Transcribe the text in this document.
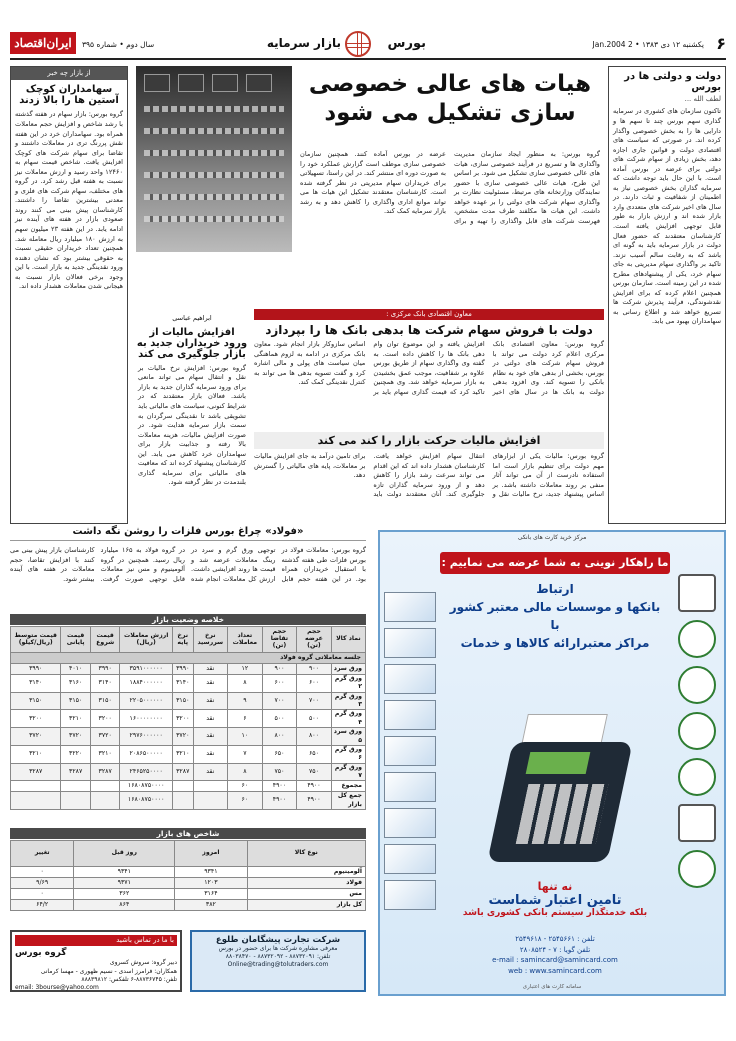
۶
یکشنبه ۱۲ دی ۱۳۸۳ • 2 Jan.2004
بورس
بازار سرمایه
سال دوم • شماره ۳۹۵
ایران‌اقتصاد
دولت و دولتی ها در بورس
لطف الله ...
تاکنون سازمان های کشوری در سرمایه گذاری سهم بورس چند تا سهم ها و دارایی ها را به بخش خصوصی واگذار کرده اند. در صورتی که سیاست های اقتصادی دولت و قوانین جاری اجازه دهد، بخش زیادی از سهام شرکت های دولتی برای عرضه در بورس آماده است. با این حال باید توجه داشت که سرمایه گذاران بخش خصوصی نیاز به اطمینان از شفافیت و ثبات دارند. در سال های اخیر شرکت های متعددی وارد بازار شده اند و ارزش بازار به طور قابل توجهی افزایش یافته است. کارشناسان معتقدند که حضور فعال دولت در بازار سرمایه باید به گونه ای باشد که به رقابت سالم آسیب نزند. تاکید بر واگذاری سهام مدیریتی به جای سهام خرد، یکی از پیشنهادهای مطرح شده در این زمینه است. سازمان بورس همچنین اعلام کرده که برای افزایش نقدشوندگی، فرآیند پذیرش شرکت ها تسریع خواهد شد و اطلاع رسانی به سهامداران بهبود می یابد.
از بازار چه خبر
سهامداران کوچک آستین ها را بالا زدند
گروه بورس: بازار سهام در هفته گذشته با رشد شاخص و افزایش حجم معاملات همراه بود. سهامداران خرد در این هفته نقش پررنگ تری در معاملات داشتند و تقاضا برای سهام شرکت های کوچک افزایش یافت. شاخص قیمت سهام به ۱۲۴۶۰ واحد رسید و ارزش معاملات نیز نسبت به هفته قبل رشد کرد. در گروه های مختلف، سهام شرکت های فلزی و معدنی بیشترین تقاضا را داشتند. کارشناسان پیش بینی می کنند روند صعودی بازار در هفته های آینده نیز ادامه یابد. در این هفته ۲۳ میلیون سهم به ارزش ۱۸۰ میلیارد ریال معامله شد. همچنین تعداد خریداران حقیقی نسبت به حقوقی بیشتر بود که نشان دهنده ورود نقدینگی جدید به بازار است. با این وجود برخی فعالان بازار نسبت به هیجانی شدن معاملات هشدار داده اند.
هیات های عالی خصوصی سازی تشکیل می شود
گروه بورس: به منظور ایجاد سازمان مدیریت واگذاری ها و تسریع در فرآیند خصوصی سازی، هیات های عالی خصوصی سازی تشکیل می شود. بر اساس این طرح، هیات عالی خصوصی سازی با حضور نمایندگان وزارتخانه های مرتبط، مسئولیت نظارت بر واگذاری سهام شرکت های دولتی را بر عهده خواهد داشت. این هیات ها مکلفند ظرف مدت مشخص، فهرست شرکت های قابل واگذاری را تهیه و برای عرضه در بورس آماده کنند. همچنین سازمان خصوصی سازی موظف است گزارش عملکرد خود را به صورت دوره ای منتشر کند. در این راستا، تسهیلاتی برای خریداران سهام مدیریتی در نظر گرفته شده است. کارشناسان معتقدند تشکیل این هیات ها می تواند موانع اداری واگذاری را کاهش دهد و به رشد بازار سرمایه کمک کند.
معاون اقتصادی بانک مرکزی :
دولت با فروش سهام شرکت ها بدهی بانک ها را بپردازد
گروه بورس: معاون اقتصادی بانک مرکزی اعلام کرد دولت می تواند با فروش سهام شرکت های دولتی در بورس، بخشی از بدهی های خود به نظام بانکی را تسویه کند. وی افزود بدهی دولت به بانک ها در سال های اخیر افزایش یافته و این موضوع توان وام دهی بانک ها را کاهش داده است. به گفته وی واگذاری سهام از طریق بورس علاوه بر شفافیت، موجب عمق بخشیدن به بازار سرمایه خواهد شد. وی همچنین تاکید کرد که قیمت گذاری سهام باید بر اساس سازوکار بازار انجام شود. معاون بانک مرکزی در ادامه به لزوم هماهنگی میان سیاست های پولی و مالی اشاره کرد و گفت تسویه بدهی ها می تواند به کنترل نقدینگی کمک کند.
ابراهیم عباسی
افزایش مالیات از ورود خریداران جدید به بازار جلوگیری می کند
گروه بورس: افزایش نرخ مالیات بر نقل و انتقال سهام می تواند مانعی برای ورود سرمایه گذاران جدید به بازار باشد. فعالان بازار معتقدند که در شرایط کنونی، سیاست های مالیاتی باید تشویقی باشد تا نقدینگی سرگردان به سمت بازار سرمایه هدایت شود. در صورت افزایش مالیات، هزینه معاملات بالا رفته و جذابیت بازار برای سهامداران خرد کاهش می یابد. این کارشناسان پیشنهاد کرده اند که معافیت های مالیاتی برای سرمایه گذاری بلندمدت در نظر گرفته شود.
افزایش مالیات حرکت بازار را کند می کند
گروه بورس: مالیات یکی از ابزارهای مهم دولت برای تنظیم بازار است اما استفاده نادرست از آن می تواند آثار منفی بر روند معاملات داشته باشد. بر اساس پیشنهاد جدید، نرخ مالیات نقل و انتقال سهام افزایش خواهد یافت. کارشناسان هشدار داده اند که این اقدام می تواند سرعت رشد بازار را کاهش دهد و از ورود سرمایه گذاران تازه جلوگیری کند. آنان معتقدند دولت باید برای تامین درآمد به جای افزایش مالیات بر معاملات، پایه های مالیاتی را گسترش دهد.
«فولاد» چراغ بورس فلزات را روشن نگه داشت
گروه بورس: معاملات فولاد در بورس فلزات طی هفته گذشته با استقبال خریداران همراه بود. در این هفته حجم قابل توجهی ورق گرم و سرد در رینگ معاملات عرضه شد و قیمت ها روند افزایشی داشت. ارزش کل معاملات انجام شده در گروه فولاد به ۱۶۵ میلیارد ریال رسید. همچنین در گروه آلومینیوم و مس نیز معاملات قابل توجهی صورت گرفت. کارشناسان بازار پیش بینی می کنند با افزایش تقاضا، حجم معاملات در هفته های آینده بیشتر شود.
خلاصه وضعیت بازار
نماد کالا	حجم عرضه (تن)	حجم تقاضا (تن)	تعداد معاملات	نرخ سررسید	نرخ پایه	ارزش معاملات (ریال)	قیمت شروع	قیمت پایانی	قیمت متوسط (ریال/کیلو)
جلسه معاملاتی گروه فولاد									
ورق سرد	۹۰۰	۹۰۰	۱۲	نقد	۳۹۹۰	۳۵۹۱۰۰۰۰۰۰	۳۹۹۰	۴۰۱۰	۳۹۹۰
ورق گرم ۲	۶۰۰	۶۰۰	۸	نقد	۳۱۴۰	۱۸۸۴۰۰۰۰۰۰	۳۱۴۰	۳۱۶۰	۳۱۴۰
ورق گرم ۳	۷۰۰	۷۰۰	۹	نقد	۳۱۵۰	۲۲۰۵۰۰۰۰۰۰	۳۱۵۰	۳۱۵۰	۳۱۵۰
ورق گرم ۴	۵۰۰	۵۰۰	۶	نقد	۳۲۰۰	۱۶۰۰۰۰۰۰۰۰	۳۲۰۰	۳۲۱۰	۳۲۰۰
ورق سرد ۵	۸۰۰	۸۰۰	۱۰	نقد	۳۷۲۰	۲۹۷۶۰۰۰۰۰۰	۳۷۲۰	۳۷۲۰	۳۷۲۰
ورق گرم ۶	۶۵۰	۶۵۰	۷	نقد	۳۲۱۰	۲۰۸۶۵۰۰۰۰۰	۳۲۱۰	۳۲۲۰	۳۲۱۰
ورق گرم ۷	۷۵۰	۷۵۰	۸	نقد	۳۲۸۷	۲۴۶۵۲۵۰۰۰۰	۳۲۸۷	۳۲۸۷	۳۲۸۷
مجموع	۴۹۰۰	۴۹۰۰	۶۰			۱۶۸۰۸۷۵۰۰۰۰			
جمع کل بازار	۴۹۰۰	۴۹۰۰	۶۰			۱۶۸۰۸۷۵۰۰۰۰			
شاخص های بازار
نوع کالا	امروز	روز قبل	تغییر
آلومینیوم	۹۳۴۱	۹۳۴۱	۰
فولاد	۱۲۰۳	۹۳۷۱	۹/۶۹
مس	۳۱۶۴	۳۶۲	۰
کل بازار	۳۸۲	۸۶۴	۶۴/۲
با ما در تماس باشید
گروه بورس
دبیر گروه: سروش کسروی
همکاران: فرامرز اسدی - نسیم ظهوری - مهسا کرمانی
تلفن: ۸۸۷۳۶۷۴۵-۶ تلفکس: ۸۸۸۳۹۸۱۲
email: 3bourse@yahoo.com
شرکت تجارت پیشگامان طلوع
معرفی مشاوره شرکت ها برای حضور در بورس
تلفن: ۸۸۷۳۲۰۹۱ - ۸۸۷۳۲۰۹۲ - ۸۸۰۳۸۴۷۰
Online@trading@tolutraders.com
مرکز خرید کارت های بانکی
ما راهکار نوینی به شما عرضه می نماییم :
ارتباط
بانکها و موسسات مالی معتبر کشور
با
مراکز معتبرارائه کالاها و خدمات
نه تنها
تامین اعتبار شماست
بلکه خدمتگذار سیستم بانکی کشوری باشد
تلفن : ۲۵۴۵۶۶۱ - ۲۵۴۹۶۱۸
تلفن گویا : ۷ - ۲۸۰۸۵۲۴
e-mail : samincard@samincard.com
web : www.samincard.com
سامانه کارت های اعتباری
